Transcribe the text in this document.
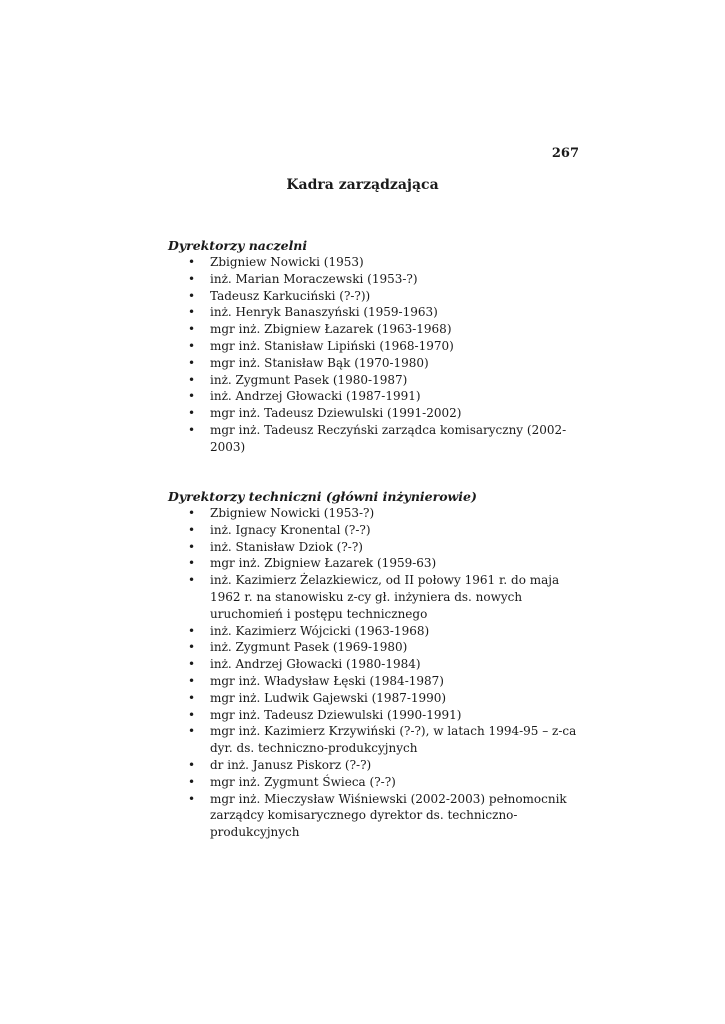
267
Kadra zarządzająca
Dyrektorzy naczelni
• Zbigniew Nowicki (1953)
• inż. Marian Moraczewski (1953-?)
• Tadeusz Karkuciński (?-?))
• inż. Henryk Banaszyński (1959-1963)
• mgr inż. Zbigniew Łazarek (1963-1968)
• mgr inż. Stanisław Lipiński (1968-1970)
• mgr inż. Stanisław Bąk (1970-1980)
• inż. Zygmunt Pasek (1980-1987)
• inż. Andrzej Głowacki (1987-1991)
• mgr inż. Tadeusz Dziewulski (1991-2002)
• mgr inż. Tadeusz Reczyński zarządca komisaryczny (2002-2003)
Dyrektorzy techniczni (główni inżynierowie)
• Zbigniew Nowicki (1953-?)
• inż. Ignacy Kronental (?-?)
• inż. Stanisław Dziok (?-?)
• mgr inż. Zbigniew Łazarek (1959-63)
• inż. Kazimierz Żelazkiewicz, od II połowy 1961 r. do maja 1962 r. na stanowisku z-cy gł. inżyniera ds. nowych uruchomień i postępu technicznego
• inż. Kazimierz Wójcicki (1963-1968)
• inż. Zygmunt Pasek (1969-1980)
• inż. Andrzej Głowacki (1980-1984)
• mgr inż. Władysław Łęski (1984-1987)
• mgr inż. Ludwik Gajewski (1987-1990)
• mgr inż. Tadeusz Dziewulski (1990-1991)
• mgr inż. Kazimierz Krzywiński (?-?), w latach 1994-95 – z-ca dyr. ds. techniczno-produkcyjnych
• dr inż. Janusz Piskorz (?-?)
• mgr inż. Zygmunt Świeca (?-?)
• mgr inż. Mieczysław Wiśniewski (2002-2003) pełnomocnik zarządcy komisarycznego dyrektor ds. techniczno-produkcyjnych
